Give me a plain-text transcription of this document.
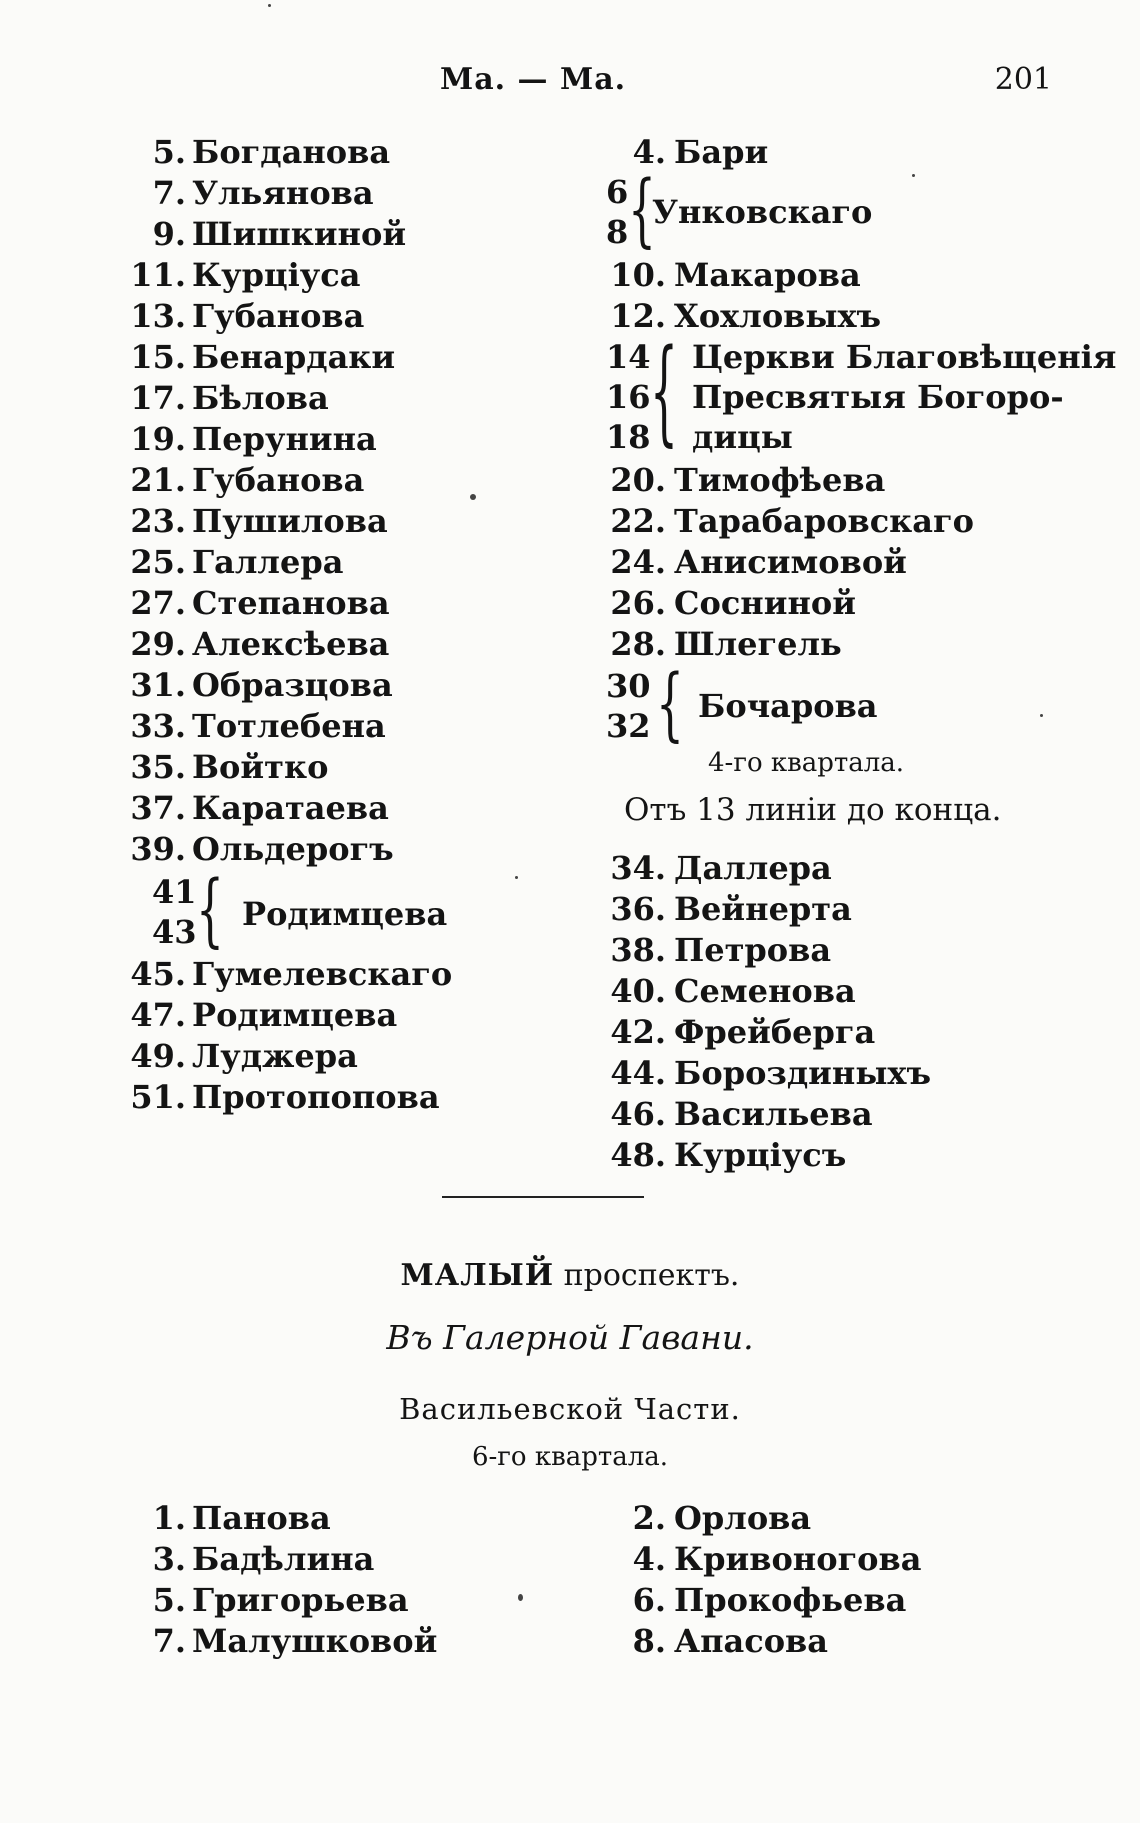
Ma. — Ma.	201
5. Богданова
7. Ульянова
9. Шишкиной
11. Курціуса
13. Губанова
15. Бенардаки
17. Бѣлова
19. Перунина
21. Губанова
23. Пушилова
25. Галлера
27. Степанова
29. Алексѣева
31. Образцова
33. Тотлебена
35. Войтко
37. Каратаева
39. Ольдерогъ
41
43 { Родимцева
45. Гумелевскаго
47. Родимцева
49. Луджера
51. Протопопова
4. Бари
6
8 {
Унковскаго
10. Макарова
12. Хохловыхъ
14
16
18 { Церкви Благовѣщенія
Пресвятыя Богоро-
дицы
20. Тимофѣева
22. Тарабаровскаго
24. Анисимовой
26. Сосниной
28. Шлегель
30
32 { Бочарова
4-го квартала.
Отъ 13 линіи до конца.
34. Даллера
36. Вейнерта
38. Петрова
40. Семенова
42. Фрейберга
44. Бороздиныхъ
46. Васильева
48. Курціусъ
МАЛЫЙ проспектъ.
Въ Галерной Гавани.
Васильевской Части.
6-го квартала.
1. Панова
3. Бадѣлина
5. Григорьева
7. Малушковой
2. Орлова
4. Кривоногова
6. Прокофьева
8. Апасова
